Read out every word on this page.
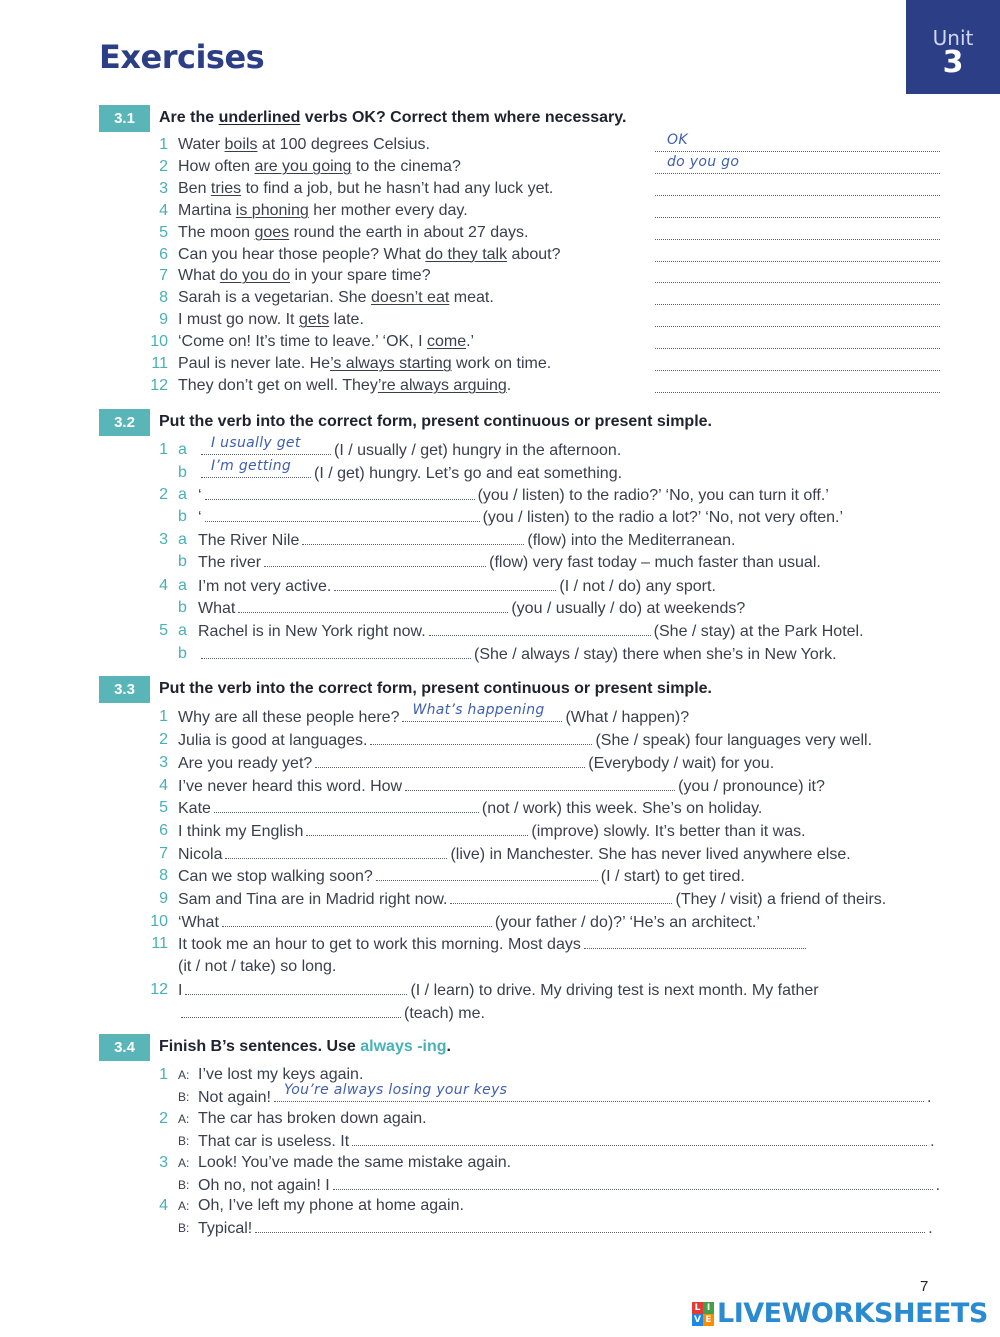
Unit
3
Exercises
3.1	Are the underlined verbs OK? Correct them where necessary.
1 Water boils at 100 degrees Celsius.	OK
2 How often are you going to the cinema?	do you go
3 Ben tries to find a job, but he hasn’t had any luck yet.
4 Martina is phoning her mother every day.
5 The moon goes round the earth in about 27 days.
6 Can you hear those people? What do they talk about?
7 What do you do in your spare time?
8 Sarah is a vegetarian. She doesn’t eat meat.
9 I must go now. It gets late.
10 ‘Come on! It’s time to leave.’ ‘OK, I come.’
11 Paul is never late. He’s always starting work on time.
12 They don’t get on well. They’re always arguing.
3.2	Put the verb into the correct form, present continuous or present simple.
1 a I usually get (I / usually / get) hungry in the afternoon.
b I’m getting (I / get) hungry. Let’s go and eat something.
2 a ‘	(you / listen) to the radio?’ ‘No, you can turn it off.’
b ‘	(you / listen) to the radio a lot?’ ‘No, not very often.’
3 a The River Nile	(flow) into the Mediterranean.
b The river	(flow) very fast today – much faster than usual.
4 a I’m not very active.	(I / not / do) any sport.
b What	(you / usually / do) at weekends?
5 a Rachel is in New York right now.	(She / stay) at the Park Hotel.
b	(She / always / stay) there when she’s in New York.
3.3	Put the verb into the correct form, present continuous or present simple.
1 Why are all these people here? What’s happening (What / happen)?
2 Julia is good at languages.	(She / speak) four languages very well.
3 Are you ready yet?	(Everybody / wait) for you.
4 I’ve never heard this word. How	(you / pronounce) it?
5 Kate	(not / work) this week. She’s on holiday.
6 I think my English	(improve) slowly. It’s better than it was.
7 Nicola	(live) in Manchester. She has never lived anywhere else.
8 Can we stop walking soon?	(I / start) to get tired.
9 Sam and Tina are in Madrid right now.	(They / visit) a friend of theirs.
10 ‘What	(your father / do)?’ ‘He’s an architect.’
11 It took me an hour to get to work this morning. Most days
(it / not / take) so long.
12 I	(I / learn) to drive. My driving test is next month. My father
(teach) me.
3.4	Finish B’s sentences. Use always -ing.
1 A: I’ve lost my keys again.
B: Not again! You’re always losing your keys	.
2 A: The car has broken down again.
B: That car is useless. It	.
3 A: Look! You’ve made the same mistake again.
B: Oh no, not again! I	.
4 A: Oh, I’ve left my phone at home again.
B: Typical!	.
7
L I
V E LIVEWORKSHEETS
